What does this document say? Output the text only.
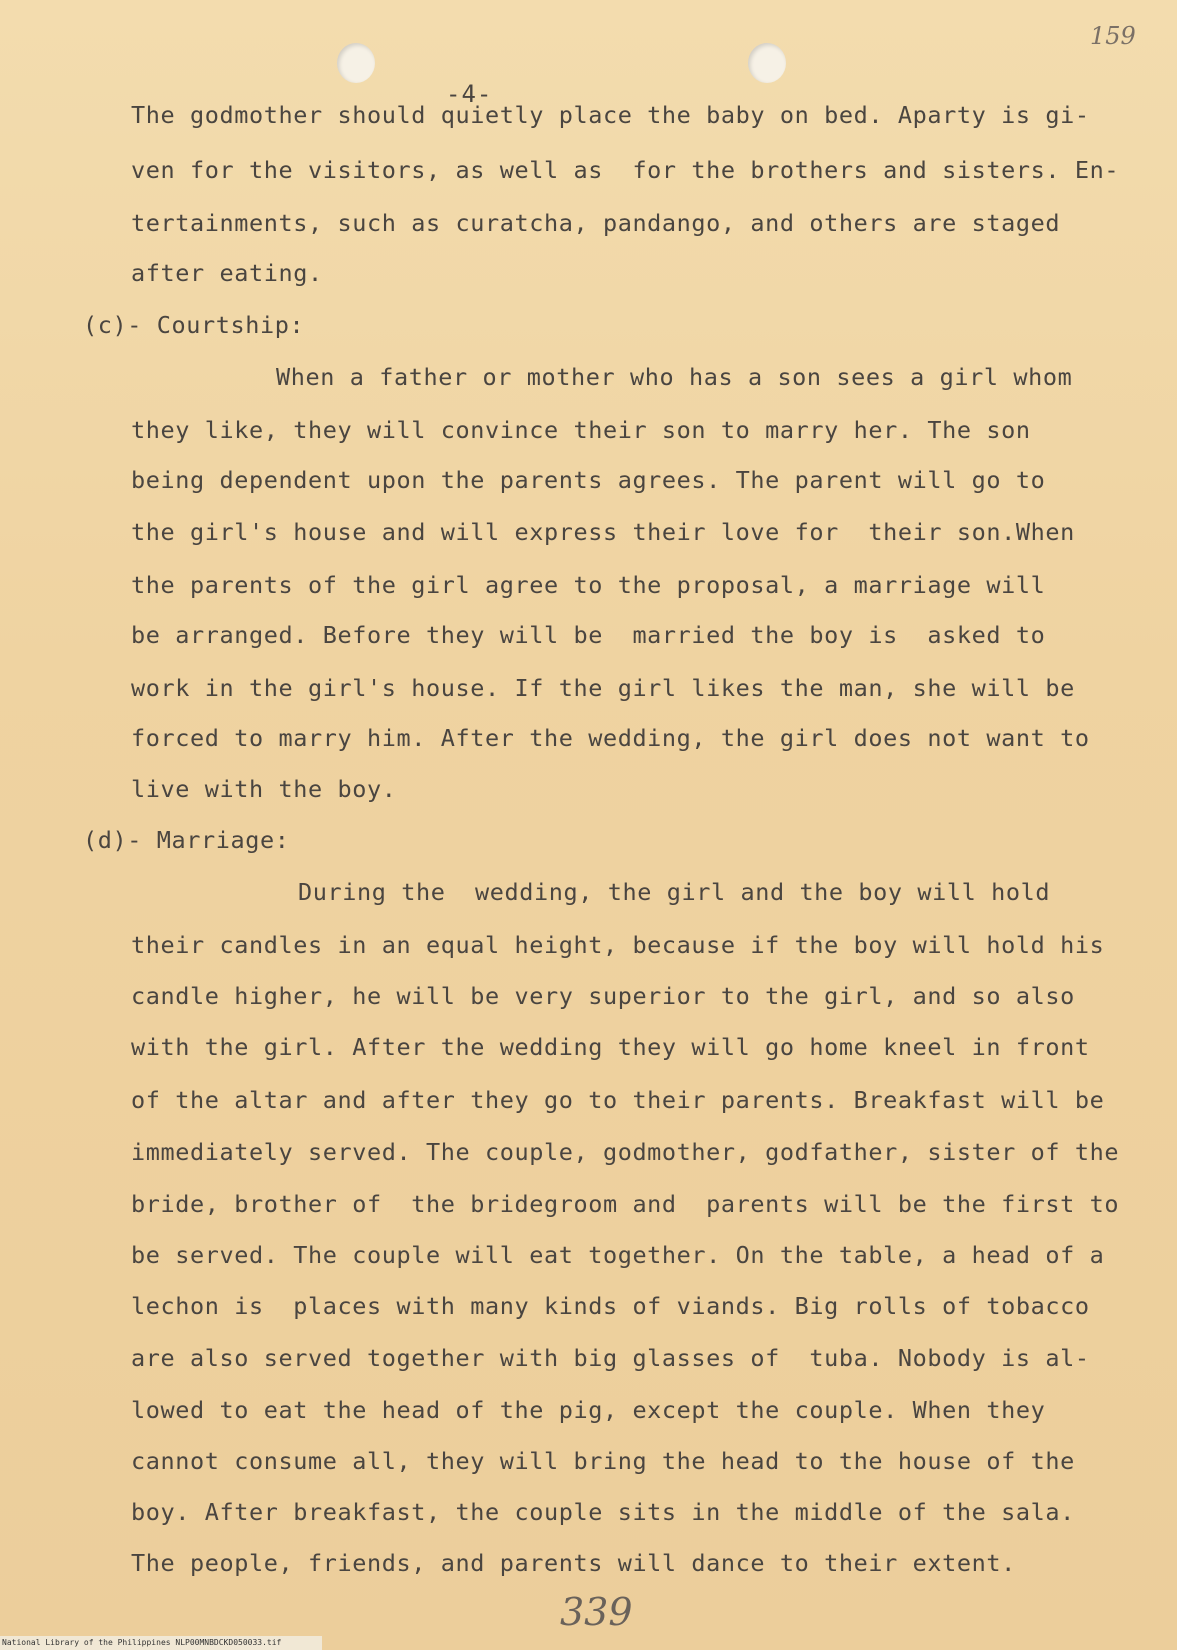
159
-4-
The godmother should quietly place the baby on bed. Aparty is gi-
ven for the visitors, as well as  for the brothers and sisters. En-
tertainments, such as curatcha, pandango, and others are staged
after eating.
(c)- Courtship:
When a father or mother who has a son sees a girl whom
they like, they will convince their son to marry her. The son
being dependent upon the parents agrees. The parent will go to
the girl's house and will express their love for  their son.When
the parents of the girl agree to the proposal, a marriage will
be arranged. Before they will be  married the boy is  asked to
work in the girl's house. If the girl likes the man, she will be
forced to marry him. After the wedding, the girl does not want to
live with the boy.
(d)- Marriage:
During the  wedding, the girl and the boy will hold
their candles in an equal height, because if the boy will hold his
candle higher, he will be very superior to the girl, and so also
with the girl. After the wedding they will go home kneel in front
of the altar and after they go to their parents. Breakfast will be
immediately served. The couple, godmother, godfather, sister of the
bride, brother of  the bridegroom and  parents will be the first to
be served. The couple will eat together. On the table, a head of a
lechon is  places with many kinds of viands. Big rolls of tobacco
are also served together with big glasses of  tuba. Nobody is al-
lowed to eat the head of the pig, except the couple. When they
cannot consume all, they will bring the head to the house of the
boy. After breakfast, the couple sits in the middle of the sala.
The people, friends, and parents will dance to their extent.
339
National Library of the Philippines NLP00MNBDCKD050033.tif
